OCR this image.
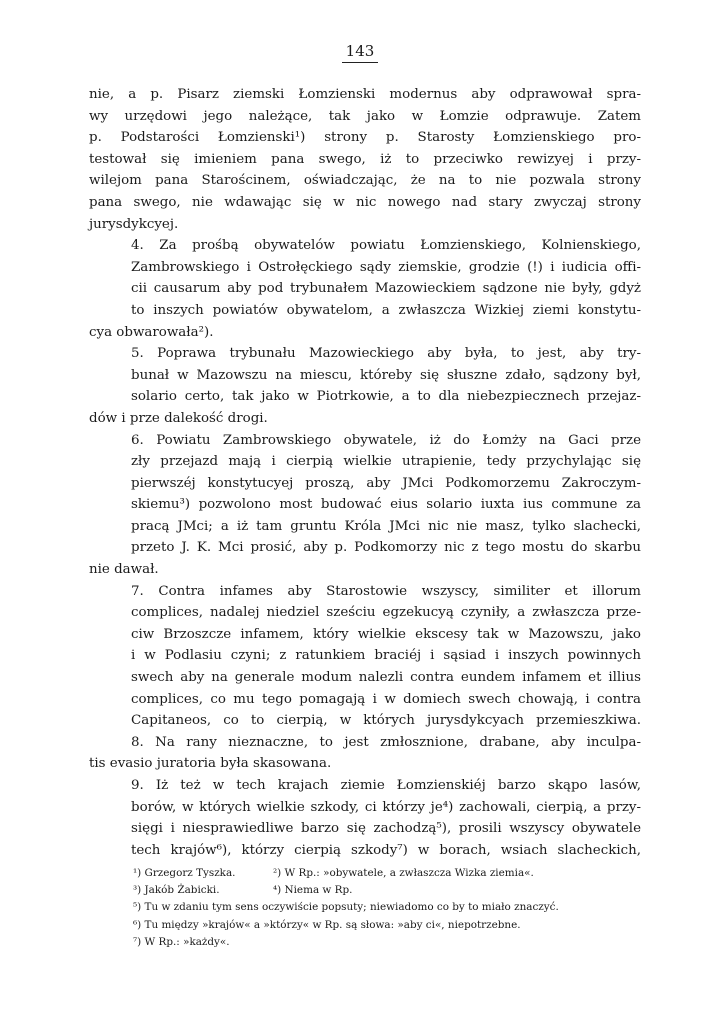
143

nie, a p. Pisarz ziemski Łomzienski modernus aby odprawował spra-
wy urzędowi jego należące, tak jako w Łomzie odprawuje. Zatem
p. Podstarości Łomzienski¹) strony p. Starosty Łomzienskiego pro-
testował się imieniem pana swego, iż to przeciwko rewizyej i przy-
wilejom pana Starościnem, oświadczając, że na to nie pozwala strony
pana swego, nie wdawając się w nic nowego nad stary zwyczaj strony
jurysdykcyej.

4. Za prośbą obywatelów powiatu Łomzienskiego, Kolnienskiego,
Zambrowskiego i Ostrołęckiego sądy ziemskie, grodzie (!) i iudicia offi-
cii causarum aby pod trybunałem Mazowieckiem sądzone nie były, gdyż
to inszych powiatów obywatelom, a zwłaszcza Wizkiej ziemi konstytu-
cya obwarowała²).

5. Poprawa trybunału Mazowieckiego aby była, to jest, aby try-
bunał w Mazowszu na miescu, któreby się słuszne zdało, sądzony był,
solario certo, tak jako w Piotrkowie, a to dla niebezpiecznech przejaz-
dów i prze dalekość drogi.

6. Powiatu Zambrowskiego obywatele, iż do Łomży na Gaci prze
zły przejazd mają i cierpią wielkie utrapienie, tedy przychylając się
pierwszéj konstytucyej proszą, aby JMci Podkomorzemu Zakroczym-
skiemu³) pozwolono most budować eius solario iuxta ius commune za
pracą JMci; a iż tam gruntu Króla JMci nic nie masz, tylko slachecki,
przeto J. K. Mci prosić, aby p. Podkomorzy nic z tego mostu do skarbu
nie dawał.

7. Contra infames aby Starostowie wszyscy, similiter et illorum
complices, nadalej niedziel sześciu egzekucyą czyniły, a zwłaszcza prze-
ciw Brzoszcze infamem, który wielkie ekscesy tak w Mazowszu, jako
i w Podlasiu czyni; z ratunkiem braciéj i sąsiad i inszych powinnych
swech aby na generale modum nalezli contra eundem infamem et illius
complices, co mu tego pomagają i w domiech swech chowają, i contra
Capitaneos, co to cierpią, w których jurysdykcyach przemieszkiwa.

8. Na rany nieznaczne, to jest zmłosznione, drabane, aby inculpa-
tis evasio juratoria była skasowana.

9. Iż też w tech krajach ziemie Łomzienskiéj barzo skąpo lasów,
borów, w których wielkie szkody, ci którzy je⁴) zachowali, cierpią, a przy-
sięgi i niesprawiedliwe barzo się zachodzą⁵), prosili wszyscy obywatele
tech krajów⁶), którzy cierpią szkody⁷) w borach, wsiach slacheckich,

¹) Grzegorz Tyszka.	²) W Rp.: »obywatele, a zwłaszcza Wizka ziemia«.
³) Jakób Żabicki.	⁴) Niema w Rp.
⁵) Tu w zdaniu tym sens oczywiście popsuty; niewiadomo co by to miało znaczyć.
⁶) Tu między »krajów« a »którzy« w Rp. są słowa: »aby ci«, niepotrzebne.
⁷) W Rp.: »każdy«.
